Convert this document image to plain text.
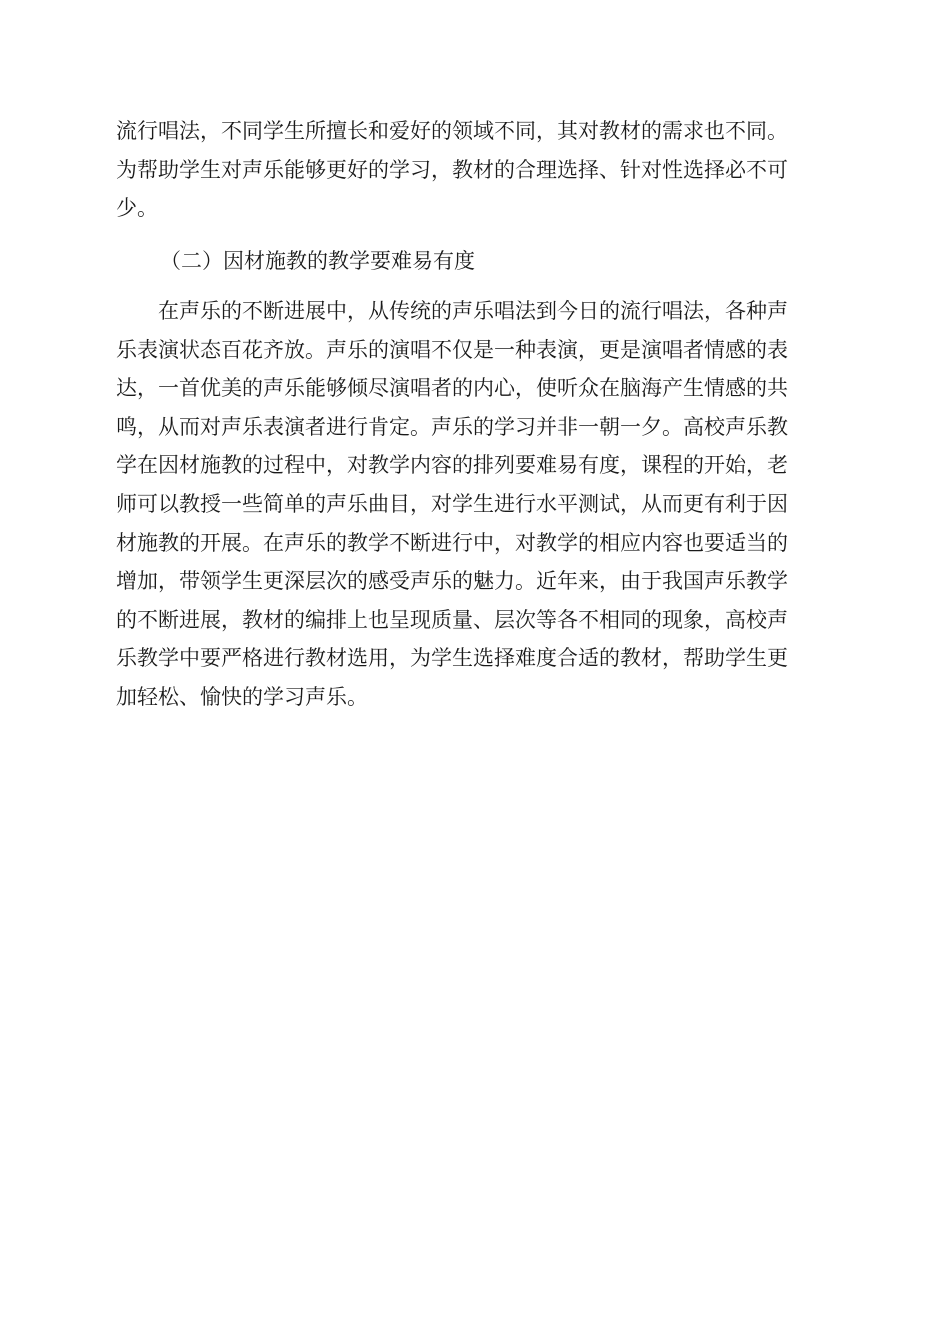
流行唱法，不同学生所擅长和爱好的领域不同，其对教材的需求也不同。
为帮助学生对声乐能够更好的学习，教材的合理选择、针对性选择必不可
少。
（二）因材施教的教学要难易有度
在声乐的不断进展中，从传统的声乐唱法到今日的流行唱法，各种声
乐表演状态百花齐放。声乐的演唱不仅是一种表演，更是演唱者情感的表
达，一首优美的声乐能够倾尽演唱者的内心，使听众在脑海产生情感的共
鸣，从而对声乐表演者进行肯定。声乐的学习并非一朝一夕。高校声乐教
学在因材施教的过程中，对教学内容的排列要难易有度，课程的开始，老
师可以教授一些简单的声乐曲目，对学生进行水平测试，从而更有利于因
材施教的开展。在声乐的教学不断进行中，对教学的相应内容也要适当的
增加，带领学生更深层次的感受声乐的魅力。近年来，由于我国声乐教学
的不断进展，教材的编排上也呈现质量、层次等各不相同的现象，高校声
乐教学中要严格进行教材选用，为学生选择难度合适的教材，帮助学生更
加轻松、愉快的学习声乐。
